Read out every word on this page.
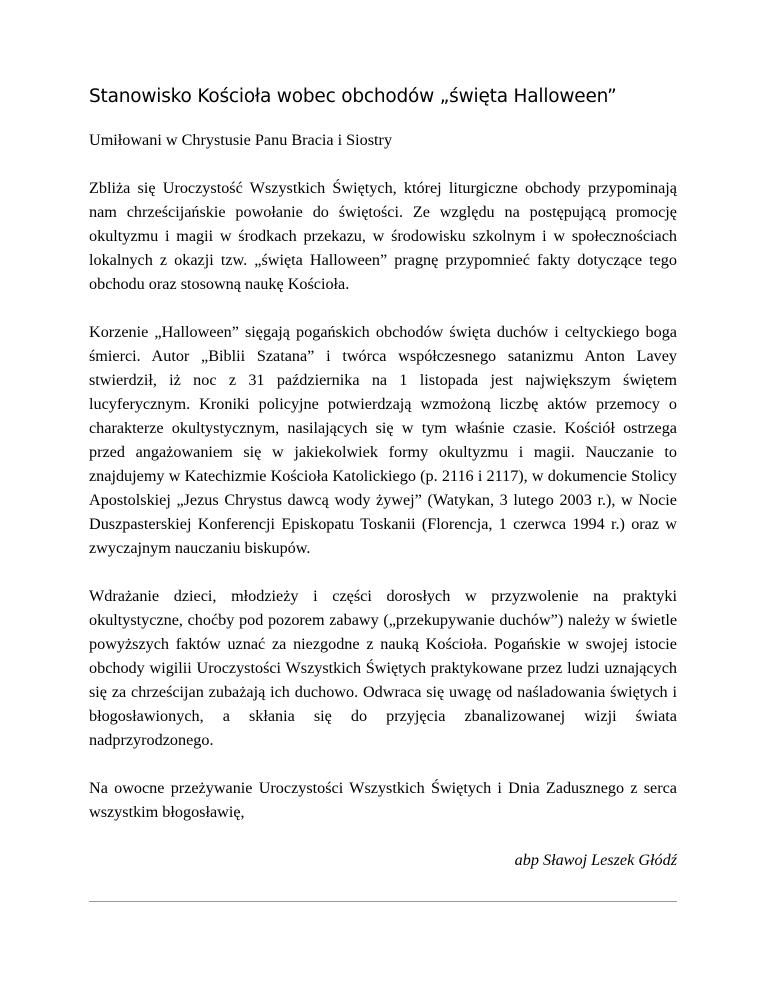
Stanowisko Kościoła wobec obchodów „święta Halloween”

Umiłowani w Chrystusie Panu Bracia i Siostry

Zbliża się Uroczystość Wszystkich Świętych, której liturgiczne obchody przypominają nam chrześcijańskie powołanie do świętości. Ze względu na postępującą promocję okultyzmu i magii w środkach przekazu, w środowisku szkolnym i w społecznościach lokalnych z okazji tzw. „święta Halloween” pragnę przypomnieć fakty dotyczące tego obchodu oraz stosowną naukę Kościoła.

Korzenie „Halloween” sięgają pogańskich obchodów święta duchów i celtyckiego boga śmierci. Autor „Biblii Szatana” i twórca współczesnego satanizmu Anton Lavey stwierdził, iż noc z 31 października na 1 listopada jest największym świętem lucyferycznym. Kroniki policyjne potwierdzają wzmożoną liczbę aktów przemocy o charakterze okultystycznym, nasilających się w tym właśnie czasie. Kościół ostrzega przed angażowaniem się w jakiekolwiek formy okultyzmu i magii. Nauczanie to znajdujemy w Katechizmie Kościoła Katolickiego (p. 2116 i 2117), w dokumencie Stolicy Apostolskiej „Jezus Chrystus dawcą wody żywej” (Watykan, 3 lutego 2003 r.), w Nocie Duszpasterskiej Konferencji Episkopatu Toskanii (Florencja, 1 czerwca 1994 r.) oraz w zwyczajnym nauczaniu biskupów.

Wdrażanie dzieci, młodzieży i części dorosłych w przyzwolenie na praktyki okultystyczne, choćby pod pozorem zabawy („przekupywanie duchów”) należy w świetle powyższych faktów uznać za niezgodne z nauką Kościoła. Pogańskie w swojej istocie obchody wigilii Uroczystości Wszystkich Świętych praktykowane przez ludzi uznających się za chrześcijan zubażają ich duchowo. Odwraca się uwagę od naśladowania świętych i błogosławionych, a skłania się do przyjęcia zbanalizowanej wizji świata nadprzyrodzonego.

Na owocne przeżywanie Uroczystości Wszystkich Świętych i Dnia Zadusznego z serca wszystkim błogosławię,

abp Sławoj Leszek Głódź
